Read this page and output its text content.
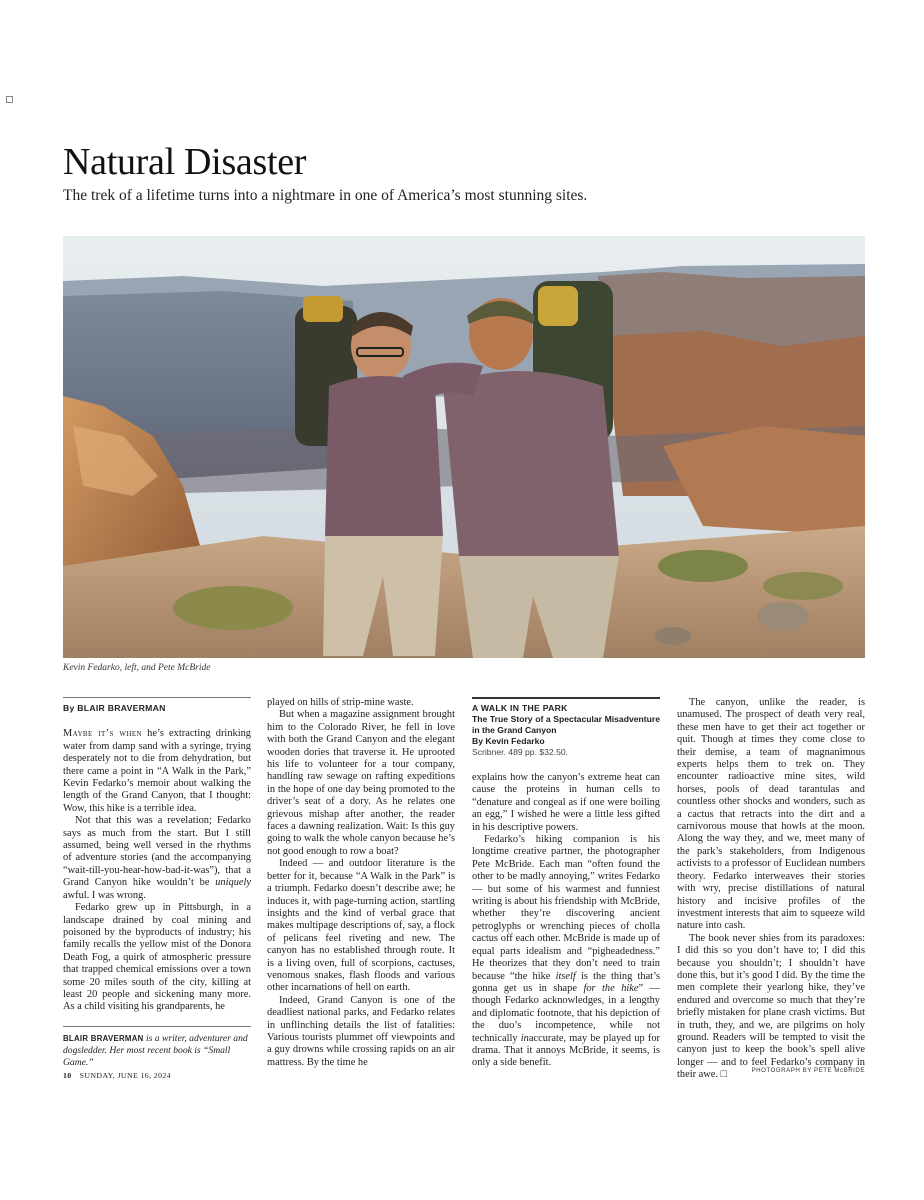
Natural Disaster

The trek of a lifetime turns into a nightmare in one of America’s most stunning sites.

Kevin Fedarko, left, and Pete McBride
By BLAIR BRAVERMAN

Maybe it’s when he’s extracting drinking water from damp sand with a syringe, trying desperately not to die from dehydration, but there came a point in “A Walk in the Park,” Kevin Fedarko’s memoir about walking the length of the Grand Canyon, that I thought: Wow, this hike is a terrible idea.

Not that this was a revelation; Fedarko says as much from the start. But I still assumed, being well versed in the rhythms of adventure stories (and the accompanying “wait-till-you-hear-how-bad-it-was”), that a Grand Canyon hike wouldn’t be uniquely awful. I was wrong.

Fedarko grew up in Pittsburgh, in a landscape drained by coal mining and poisoned by the byproducts of industry; his family recalls the yellow mist of the Donora Death Fog, a quirk of atmospheric pressure that trapped chemical emissions over a town some 20 miles south of the city, killing at least 20 people and sickening many more. As a child visiting his grandparents, he

BLAIR BRAVERMAN is a writer, adventurer and dogsledder. Her most recent book is “Small Game.”

played on hills of strip-mine waste.

But when a magazine assignment brought him to the Colorado River, he fell in love with both the Grand Canyon and the elegant wooden dories that traverse it. He uprooted his life to volunteer for a tour company, handling raw sewage on rafting expeditions in the hope of one day being promoted to the driver’s seat of a dory. As he relates one grievous mishap after another, the reader faces a dawning realization. Wait: Is this guy going to walk the whole canyon because he’s not good enough to row a boat?

Indeed — and outdoor literature is the better for it, because “A Walk in the Park” is a triumph. Fedarko doesn’t describe awe; he induces it, with page-turning action, startling insights and the kind of verbal grace that makes multipage descriptions of, say, a flock of pelicans feel riveting and new. The canyon has no established through route. It is a living oven, full of scorpions, cactuses, venomous snakes, flash floods and various other incarnations of hell on earth.

Indeed, Grand Canyon is one of the deadliest national parks, and Fedarko relates in unflinching details the list of fatalities: Various tourists plummet off viewpoints and a guy drowns while crossing rapids on an air mattress. By the time he

A WALK IN THE PARK
The True Story of a Spectacular Misadventure in the Grand Canyon
By Kevin Fedarko
Scribner. 489 pp. $32.50.

explains how the canyon’s extreme heat can cause the proteins in human cells to “denature and congeal as if one were boiling an egg,” I wished he were a little less gifted in his descriptive powers.

Fedarko’s hiking companion is his longtime creative partner, the photographer Pete McBride. Each man “often found the other to be madly annoying,” writes Fedarko — but some of his warmest and funniest writing is about his friendship with McBride, whether they’re discovering ancient petroglyphs or wrenching pieces of cholla cactus off each other. McBride is made up of equal parts idealism and “pigheadedness.” He theorizes that they don’t need to train because “the hike itself is the thing that’s gonna get us in shape for the hike” — though Fedarko acknowledges, in a lengthy and diplomatic footnote, that his depiction of the duo’s incompetence, while not technically inaccurate, may be played up for drama. That it annoys McBride, it seems, is only a side benefit.

The canyon, unlike the reader, is unamused. The prospect of death very real, these men have to get their act together or quit. Though at times they come close to their demise, a team of magnanimous experts helps them to trek on. They encounter radioactive mine sites, wild horses, pools of dead tarantulas and countless other shocks and wonders, such as a cactus that retracts into the dirt and a carnivorous mouse that howls at the moon. Along the way they, and we, meet many of the park’s stakeholders, from Indigenous activists to a professor of Euclidean numbers theory. Fedarko interweaves their stories with wry, precise distillations of natural history and incisive profiles of the investment interests that aim to squeeze wild nature into cash.

The book never shies from its paradoxes: I did this so you don’t have to; I did this because you shouldn’t; I shouldn’t have done this, but it’s good I did. By the time the men complete their yearlong hike, they’ve endured and overcome so much that they’re briefly mistaken for plane crash victims. But in truth, they, and we, are pilgrims on holy ground. Readers will be tempted to visit the canyon just to keep the book’s spell alive longer — and to feel Fedarko’s company in their awe. □

10 SUNDAY, JUNE 16, 2024
PHOTOGRAPH BY PETE McBRIDE
